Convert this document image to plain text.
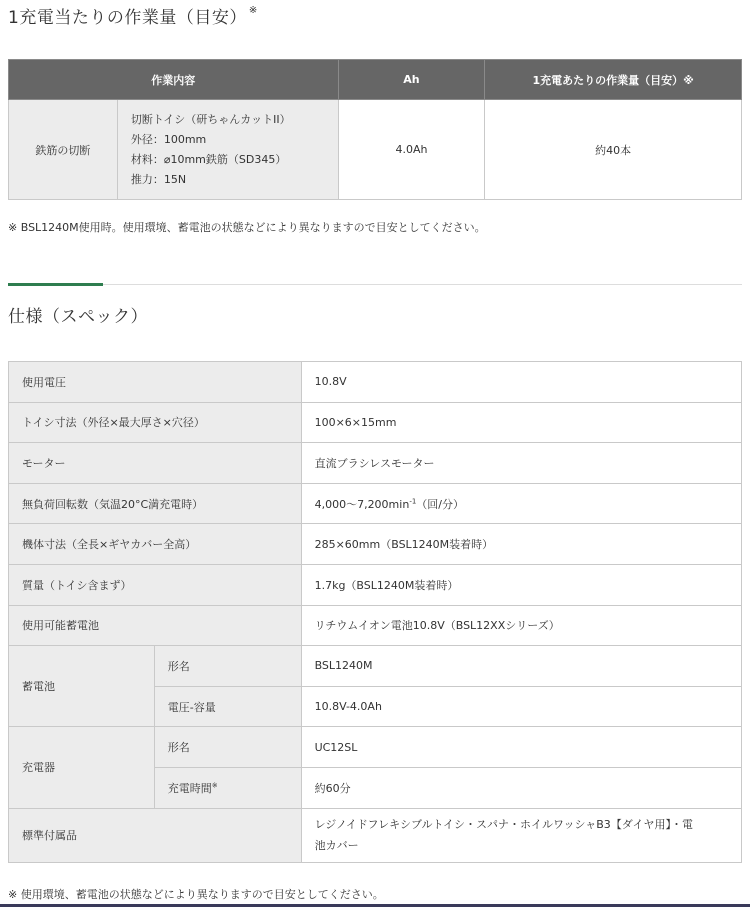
1充電当たりの作業量（目安） ※
作業内容		Ah	1充電あたりの作業量（目安）※
鉄筋の切断	切断トイシ（研ちゃんカットII）
外径：100mm
材料：⌀10mm鉄筋（SD345）
推力：15N	4.0Ah	約40本
※ BSL1240M使用時。使用環境、蓄電池の状態などにより異なりますので目安としてください。
仕様（スペック）
使用電圧		10.8V
トイシ寸法（外径×最大厚さ×穴径）		100×6×15mm
モーター		直流ブラシレスモーター
無負荷回転数（気温20°C満充電時）		4,000〜$7,200\min^{-1}$（回/分）
機体寸法（全長×ギヤカバー全高）		285×60mm（BSL1240M装着時）
質量（トイシ含まず）		1.7kg（BSL1240M装着時）
使用可能蓄電池		リチウムイオン電池10.8V（BSL12XXシリーズ）
蓄電池	形名	BSL1240M
	電圧-容量	10.8V-4.0Ah
充電器	形名	UC12SL
	充電時間※	約60分
標準付属品		レジノイドフレキシブルトイシ・スパナ・ホイルワッシャB3【ダイヤ用】・電
池カバー
※ 使用環境、蓄電池の状態などにより異なりますので目安としてください。
